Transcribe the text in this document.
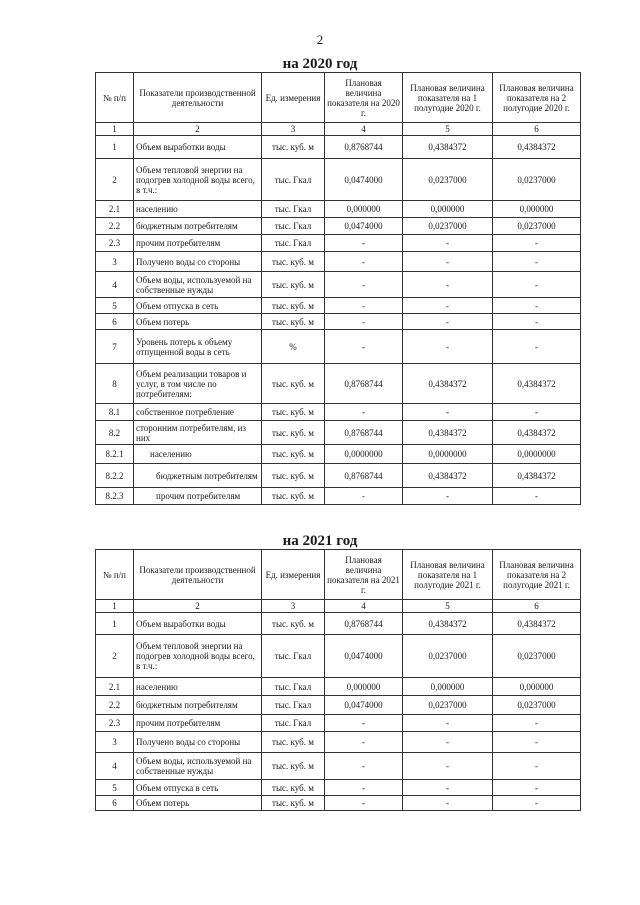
2
на 2020 год
№ п/п	Показатели производственной деятельности	Ед. измерения	Плановая величина показателя на 2020 г.	Плановая величина показателя на 1 полугодие 2020 г.	Плановая величина показателя на 2 полугодие 2020 г.
1	2	3	4	5	6
1	Объем выработки воды	тыс. куб. м	0,8768744	0,4384372	0,4384372
2	Объем тепловой энергии на подогрев холодной воды всего, в т.ч.:	тыс. Гкал	0,0474000	0,0237000	0,0237000
2.1	населению	тыс. Гкал	0,000000	0,000000	0,000000
2.2	бюджетным потребителям	тыс. Гкал	0,0474000	0,0237000	0,0237000
2.3	прочим потребителям	тыс. Гкал	-	-	-
3	Получено воды со стороны	тыс. куб. м	-	-	-
4	Объем воды, используемой на собственные нужды	тыс. куб. м	-	-	-
5	Объем отпуска в сеть	тыс. куб. м	-	-	-
6	Объем потерь	тыс. куб. м	-	-	-
7	Уровень потерь к объему отпущенной воды в сеть	%	-	-	-
8	Объем реализации товаров и услуг, в том числе по потребителям:	тыс. куб. м	0,8768744	0,4384372	0,4384372
8.1	собственное потребление	тыс. куб. м	-	-	-
8.2	сторонним потребителям, из них	тыс. куб. м	0,8768744	0,4384372	0,4384372
8.2.1	населению	тыс. куб. м	0,0000000	0,0000000	0,0000000
8.2.2	бюджетным потребителям	тыс. куб. м	0,8768744	0,4384372	0,4384372
8.2.3	прочим потребителям	тыс. куб. м	-	-	-
на 2021 год
№ п/п	Показатели производственной деятельности	Ед. измерения	Плановая величина показателя на 2021 г.	Плановая величина показателя на 1 полугодие 2021 г.	Плановая величина показателя на 2 полугодие 2021 г.
1	2	3	4	5	6
1	Объем выработки воды	тыс. куб. м	0,8768744	0,4384372	0,4384372
2	Объем тепловой энергии на подогрев холодной воды всего, в т.ч.:	тыс. Гкал	0,0474000	0,0237000	0,0237000
2.1	населению	тыс. Гкал	0,000000	0,000000	0,000000
2.2	бюджетным потребителям	тыс. Гкал	0,0474000	0,0237000	0,0237000
2.3	прочим потребителям	тыс. Гкал	-	-	-
3	Получено воды со стороны	тыс. куб. м	-	-	-
4	Объем воды, используемой на собственные нужды	тыс. куб. м	-	-	-
5	Объем отпуска в сеть	тыс. куб. м	-	-	-
6	Объем потерь	тыс. куб. м	-	-	-
